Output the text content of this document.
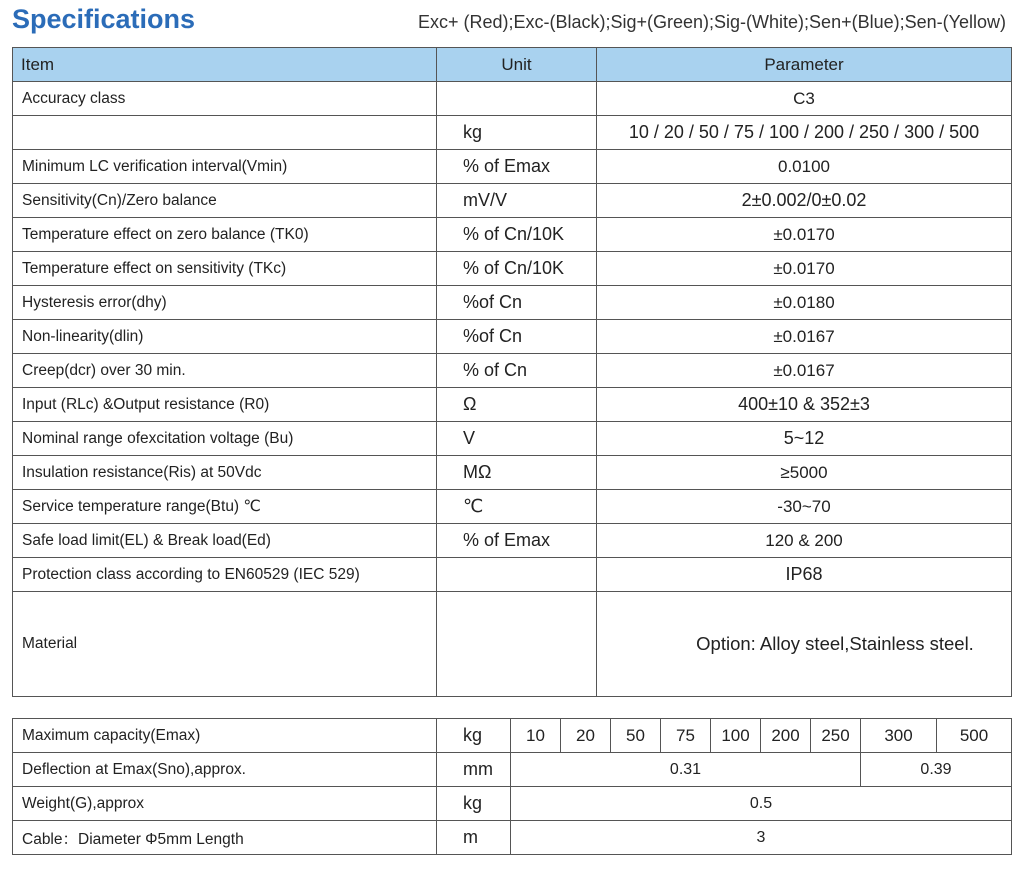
Specifications	Exc+ (Red);Exc-(Black);Sig+(Green);Sig-(White);Sen+(Blue);Sen-(Yellow)
Item	Unit	Parameter
Accuracy class		C3
	kg	10 / 20 / 50 / 75 / 100 / 200 / 250 / 300 / 500
Minimum LC verification interval(Vmin)	% of Emax	0.0100
Sensitivity(Cn)/Zero balance	mV/V	2±0.002/0±0.02
Temperature effect on zero balance (TK0)	% of Cn/10K	±0.0170
Temperature effect on sensitivity (TKc)	% of Cn/10K	±0.0170
Hysteresis error(dhy)	%of Cn	±0.0180
Non-linearity(dlin)	%of Cn	±0.0167
Creep(dcr) over 30 min.	% of Cn	±0.0167
Input (RLc) &Output resistance (R0)	Ω	400±10 & 352±3
Nominal range ofexcitation voltage (Bu)	V	5~12
Insulation resistance(Ris) at 50Vdc	MΩ	≥5000
Service temperature range(Btu) ℃	℃	-30~70
Safe load limit(EL) & Break load(Ed)	% of Emax	120 & 200
Protection class according to EN60529 (IEC 529)		IP68
Material		Option: Alloy steel,Stainless steel.
Maximum capacity(Emax)	kg	10	20	50	75	100	200	250	300	500
Deflection at Emax(Sno),approx.	mm	0.31							0.39	
Weight(G),approx	kg	0.5								
Cable：Diameter Φ5mm Length	m	3								
